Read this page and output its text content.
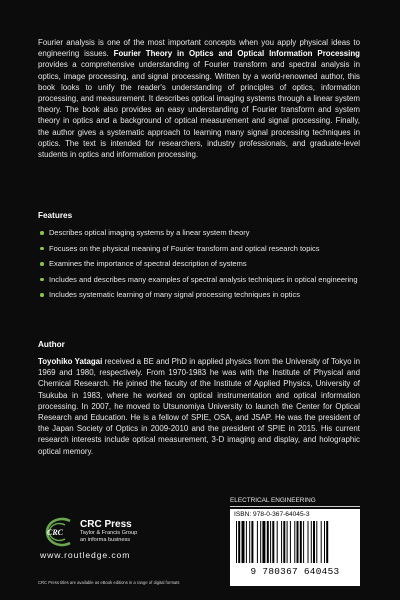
Fourier analysis is one of the most important concepts when you apply physical ideas to engineering issues. Fourier Theory in Optics and Optical Information Processing provides a comprehensive understanding of Fourier transform and spectral analysis in optics, image processing, and signal processing. Written by a world-renowned author, this book looks to unify the reader's understanding of principles of optics, information processing, and measurement. It describes optical imaging systems through a linear system theory. The book also provides an easy understanding of Fourier transform and system theory in optics and a background of optical measurement and signal processing. Finally, the author gives a systematic approach to learning many signal processing techniques in optics. The text is intended for researchers, industry professionals, and graduate-level students in optics and information processing.

Features
Describes optical imaging systems by a linear system theory
Focuses on the physical meaning of Fourier transform and optical research topics
Examines the importance of spectral description of systems
Includes and describes many examples of spectral analysis techniques in optical engineering
Includes systematic learning of many signal processing techniques in optics
Author

Toyohiko Yatagai received a BE and PhD in applied physics from the University of Tokyo in 1969 and 1980, respectively. From 1970-1983 he was with the Institute of Physical and Chemical Research. He joined the faculty of the Institute of Applied Physics, University of Tsukuba in 1983, where he worked on optical instrumentation and optical information processing. In 2007, he moved to Utsunomiya University to launch the Center for Optical Research and Education. He is a fellow of SPIE, OSA, and JSAP. He was the president of the Japan Society of Optics in 2009-2010 and the president of SPIE in 2015. His current research interests include optical measurement, 3-D imaging and display, and holographic optical memory.

CRC
CRC Press
Taylor & Francis Group
an informa business
www.routledge.com
CRC Press titles are available as eBook editions in a range of digital formats
ELECTRICAL ENGINEERING
ISBN: 978-0-367-64045-3
9 780367 640453
